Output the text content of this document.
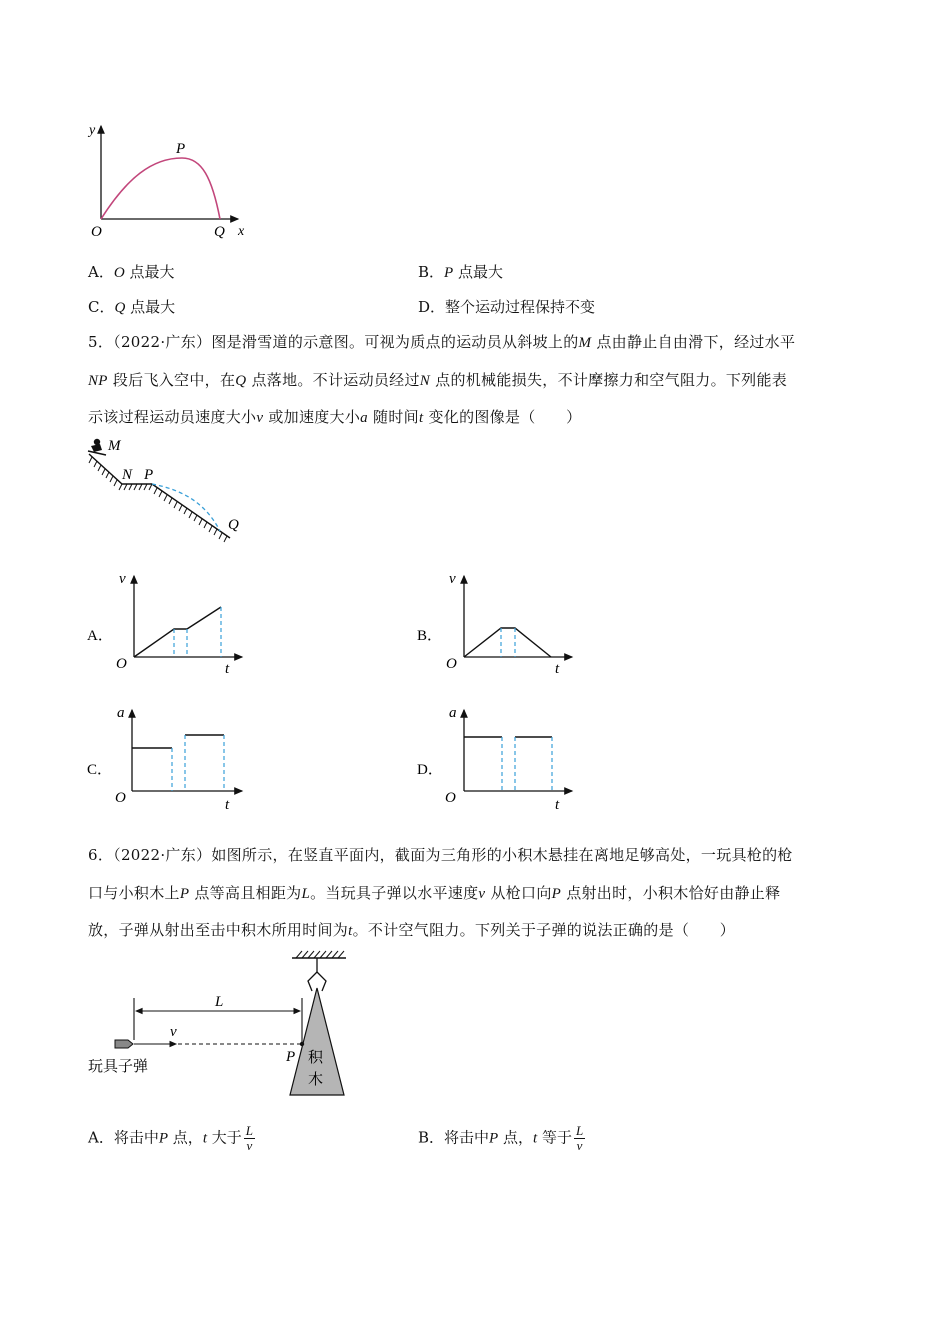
y
P
O	Q x
A．O 点最大	B．P 点最大
C．Q 点最大	D．整个运动过程保持不变
5．（2022·广东）图是滑雪道的示意图。可视为质点的运动员从斜坡上的M 点由静止自由滑下，经过水平
NP 段后飞入空中，在Q 点落地。不计运动员经过N 点的机械能损失，不计摩擦力和空气阻力。下列能表
示该过程运动员速度大小v 或加速度大小a 随时间t 变化的图像是（　　）
M
N P
Q
A．
v
O	t
B．
v
O	t
C．
a
O	t
D．
a
O	t
6．（2022·广东）如图所示，在竖直平面内，截面为三角形的小积木悬挂在离地足够高处，一玩具枪的枪
口与小积木上P 点等高且相距为L。当玩具子弹以水平速度v 从枪口向P 点射出时，小积木恰好由静止释
放，子弹从射出至击中积木所用时间为t。不计空气阻力。下列关于子弹的说法正确的是（　　）
积
木
L
v
P
玩具子弹
A．将击中P 点，t 大于 $\frac{L}{v}$	B．将击中P 点，t 等于 $\frac{L}{v}$
